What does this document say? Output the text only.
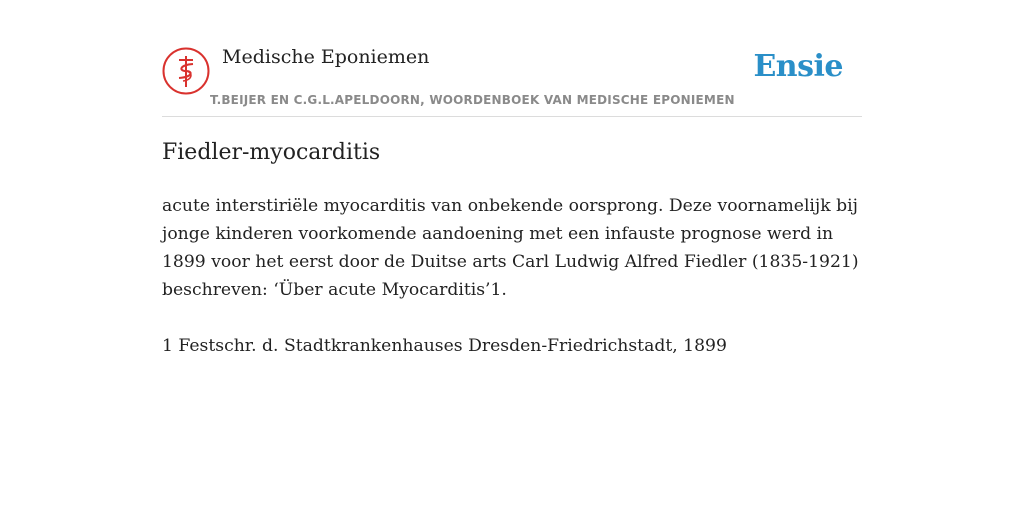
Medische Eponiemen
T.BEIJER EN C.G.L.APELDOORN, WOORDENBOEK VAN MEDISCHE EPONIEMEN
Ensie
Fiedler-myocarditis

acute interstiriële myocarditis van onbekende oorsprong. Deze voornamelijk bij jonge kinderen voorkomende aandoening met een infauste prognose werd in 1899 voor het eerst door de Duitse arts Carl Ludwig Alfred Fiedler (1835-1921) beschreven: ‘Über acute Myocarditis’1.

1 Festschr. d. Stadtkrankenhauses Dresden-Friedrichstadt, 1899
